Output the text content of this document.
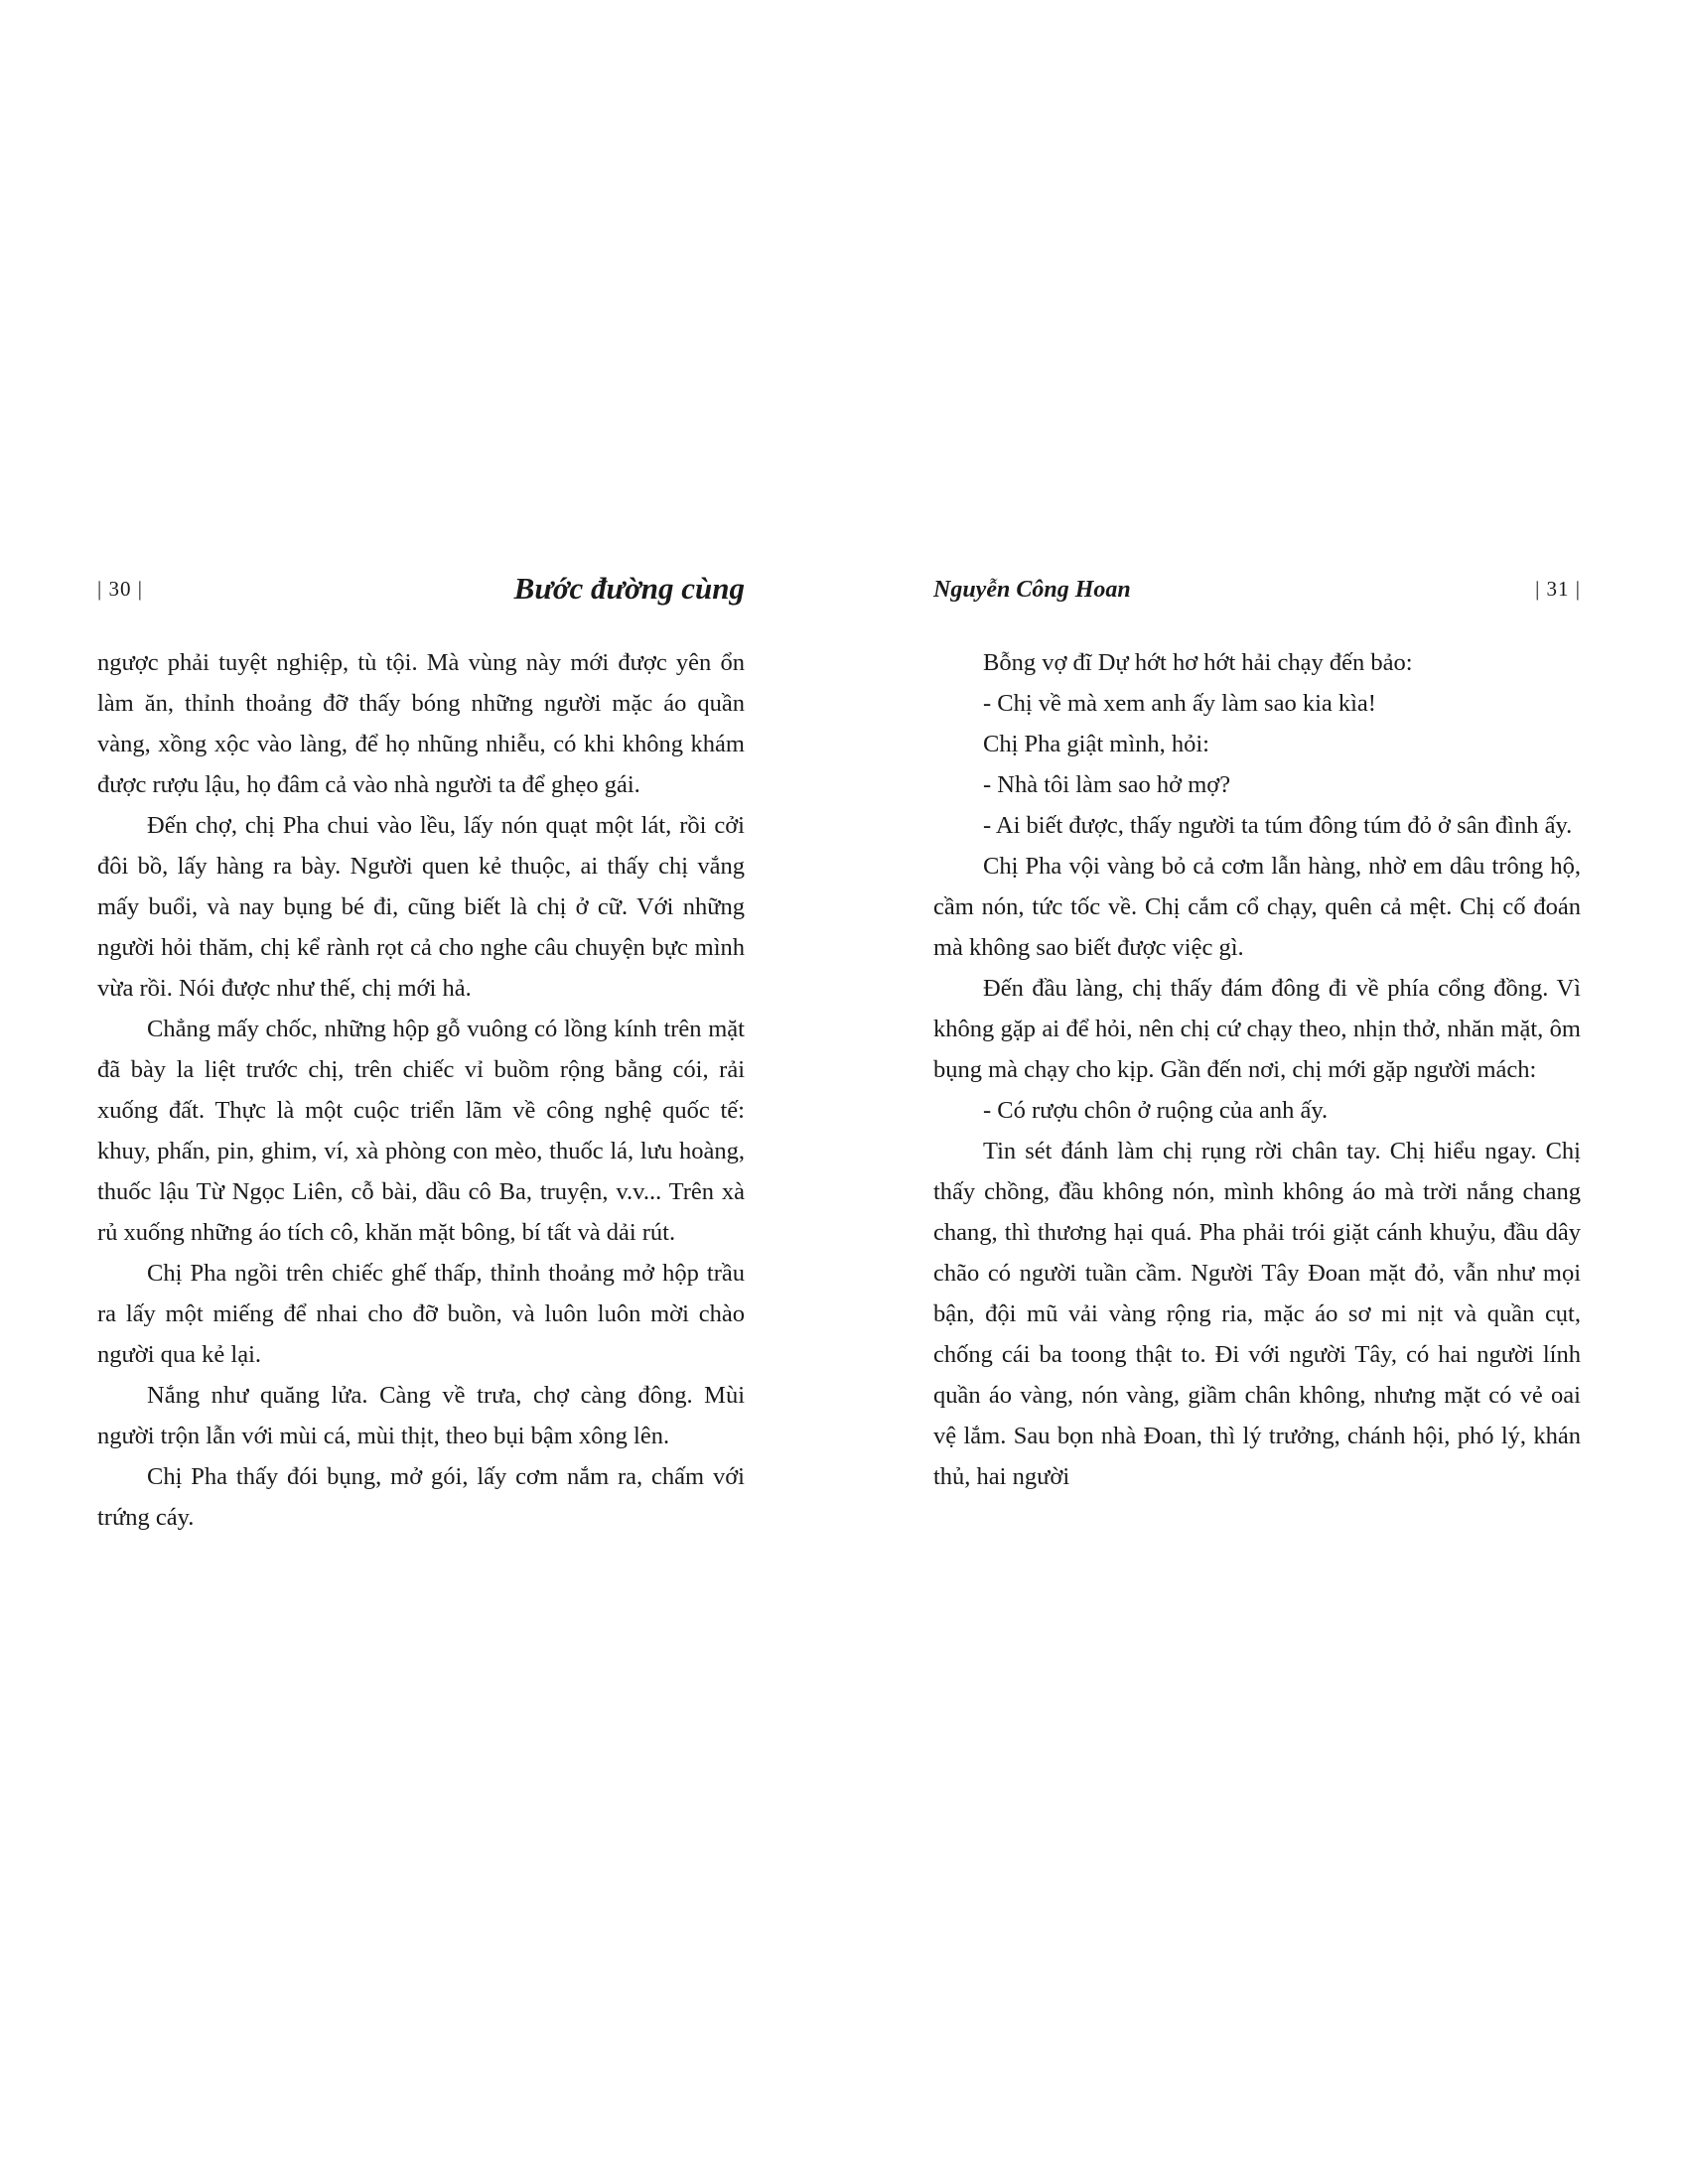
| 30 |	Bước đường cùng

ngược phải tuyệt nghiệp, tù tội. Mà vùng này mới được yên ổn làm ăn, thỉnh thoảng đỡ thấy bóng những người mặc áo quần vàng, xồng xộc vào làng, để họ nhũng nhiễu, có khi không khám được rượu lậu, họ đâm cả vào nhà người ta để ghẹo gái.

Đến chợ, chị Pha chui vào lều, lấy nón quạt một lát, rồi cởi đôi bồ, lấy hàng ra bày. Người quen kẻ thuộc, ai thấy chị vắng mấy buổi, và nay bụng bé đi, cũng biết là chị ở cữ. Với những người hỏi thăm, chị kể rành rọt cả cho nghe câu chuyện bực mình vừa rồi. Nói được như thế, chị mới hả.

Chẳng mấy chốc, những hộp gỗ vuông có lồng kính trên mặt đã bày la liệt trước chị, trên chiếc vỉ buồm rộng bằng cói, rải xuống đất. Thực là một cuộc triển lãm về công nghệ quốc tế: khuy, phấn, pin, ghim, ví, xà phòng con mèo, thuốc lá, lưu hoàng, thuốc lậu Từ Ngọc Liên, cỗ bài, dầu cô Ba, truyện, v.v... Trên xà rủ xuống những áo tích cô, khăn mặt bông, bí tất và dải rút.

Chị Pha ngồi trên chiếc ghế thấp, thỉnh thoảng mở hộp trầu ra lấy một miếng để nhai cho đỡ buồn, và luôn luôn mời chào người qua kẻ lại.

Nắng như quăng lửa. Càng về trưa, chợ càng đông. Mùi người trộn lẫn với mùi cá, mùi thịt, theo bụi bậm xông lên.

Chị Pha thấy đói bụng, mở gói, lấy cơm nắm ra, chấm với trứng cáy.

Nguyễn Công Hoan	| 31 |

Bỗng vợ đĩ Dự hớt hơ hớt hải chạy đến bảo:

- Chị về mà xem anh ấy làm sao kia kìa!

Chị Pha giật mình, hỏi:

- Nhà tôi làm sao hở mợ?

- Ai biết được, thấy người ta túm đông túm đỏ ở sân đình ấy.

Chị Pha vội vàng bỏ cả cơm lẫn hàng, nhờ em dâu trông hộ, cầm nón, tức tốc về. Chị cắm cổ chạy, quên cả mệt. Chị cố đoán mà không sao biết được việc gì.

Đến đầu làng, chị thấy đám đông đi về phía cổng đồng. Vì không gặp ai để hỏi, nên chị cứ chạy theo, nhịn thở, nhăn mặt, ôm bụng mà chạy cho kịp. Gần đến nơi, chị mới gặp người mách:

- Có rượu chôn ở ruộng của anh ấy.

Tin sét đánh làm chị rụng rời chân tay. Chị hiểu ngay. Chị thấy chồng, đầu không nón, mình không áo mà trời nắng chang chang, thì thương hại quá. Pha phải trói giặt cánh khuỷu, đầu dây chão có người tuần cầm. Người Tây Đoan mặt đỏ, vẫn như mọi bận, đội mũ vải vàng rộng ria, mặc áo sơ mi nịt và quần cụt, chống cái ba toong thật to. Đi với người Tây, có hai người lính quần áo vàng, nón vàng, giầm chân không, nhưng mặt có vẻ oai vệ lắm. Sau bọn nhà Đoan, thì lý trưởng, chánh hội, phó lý, khán thủ, hai người
